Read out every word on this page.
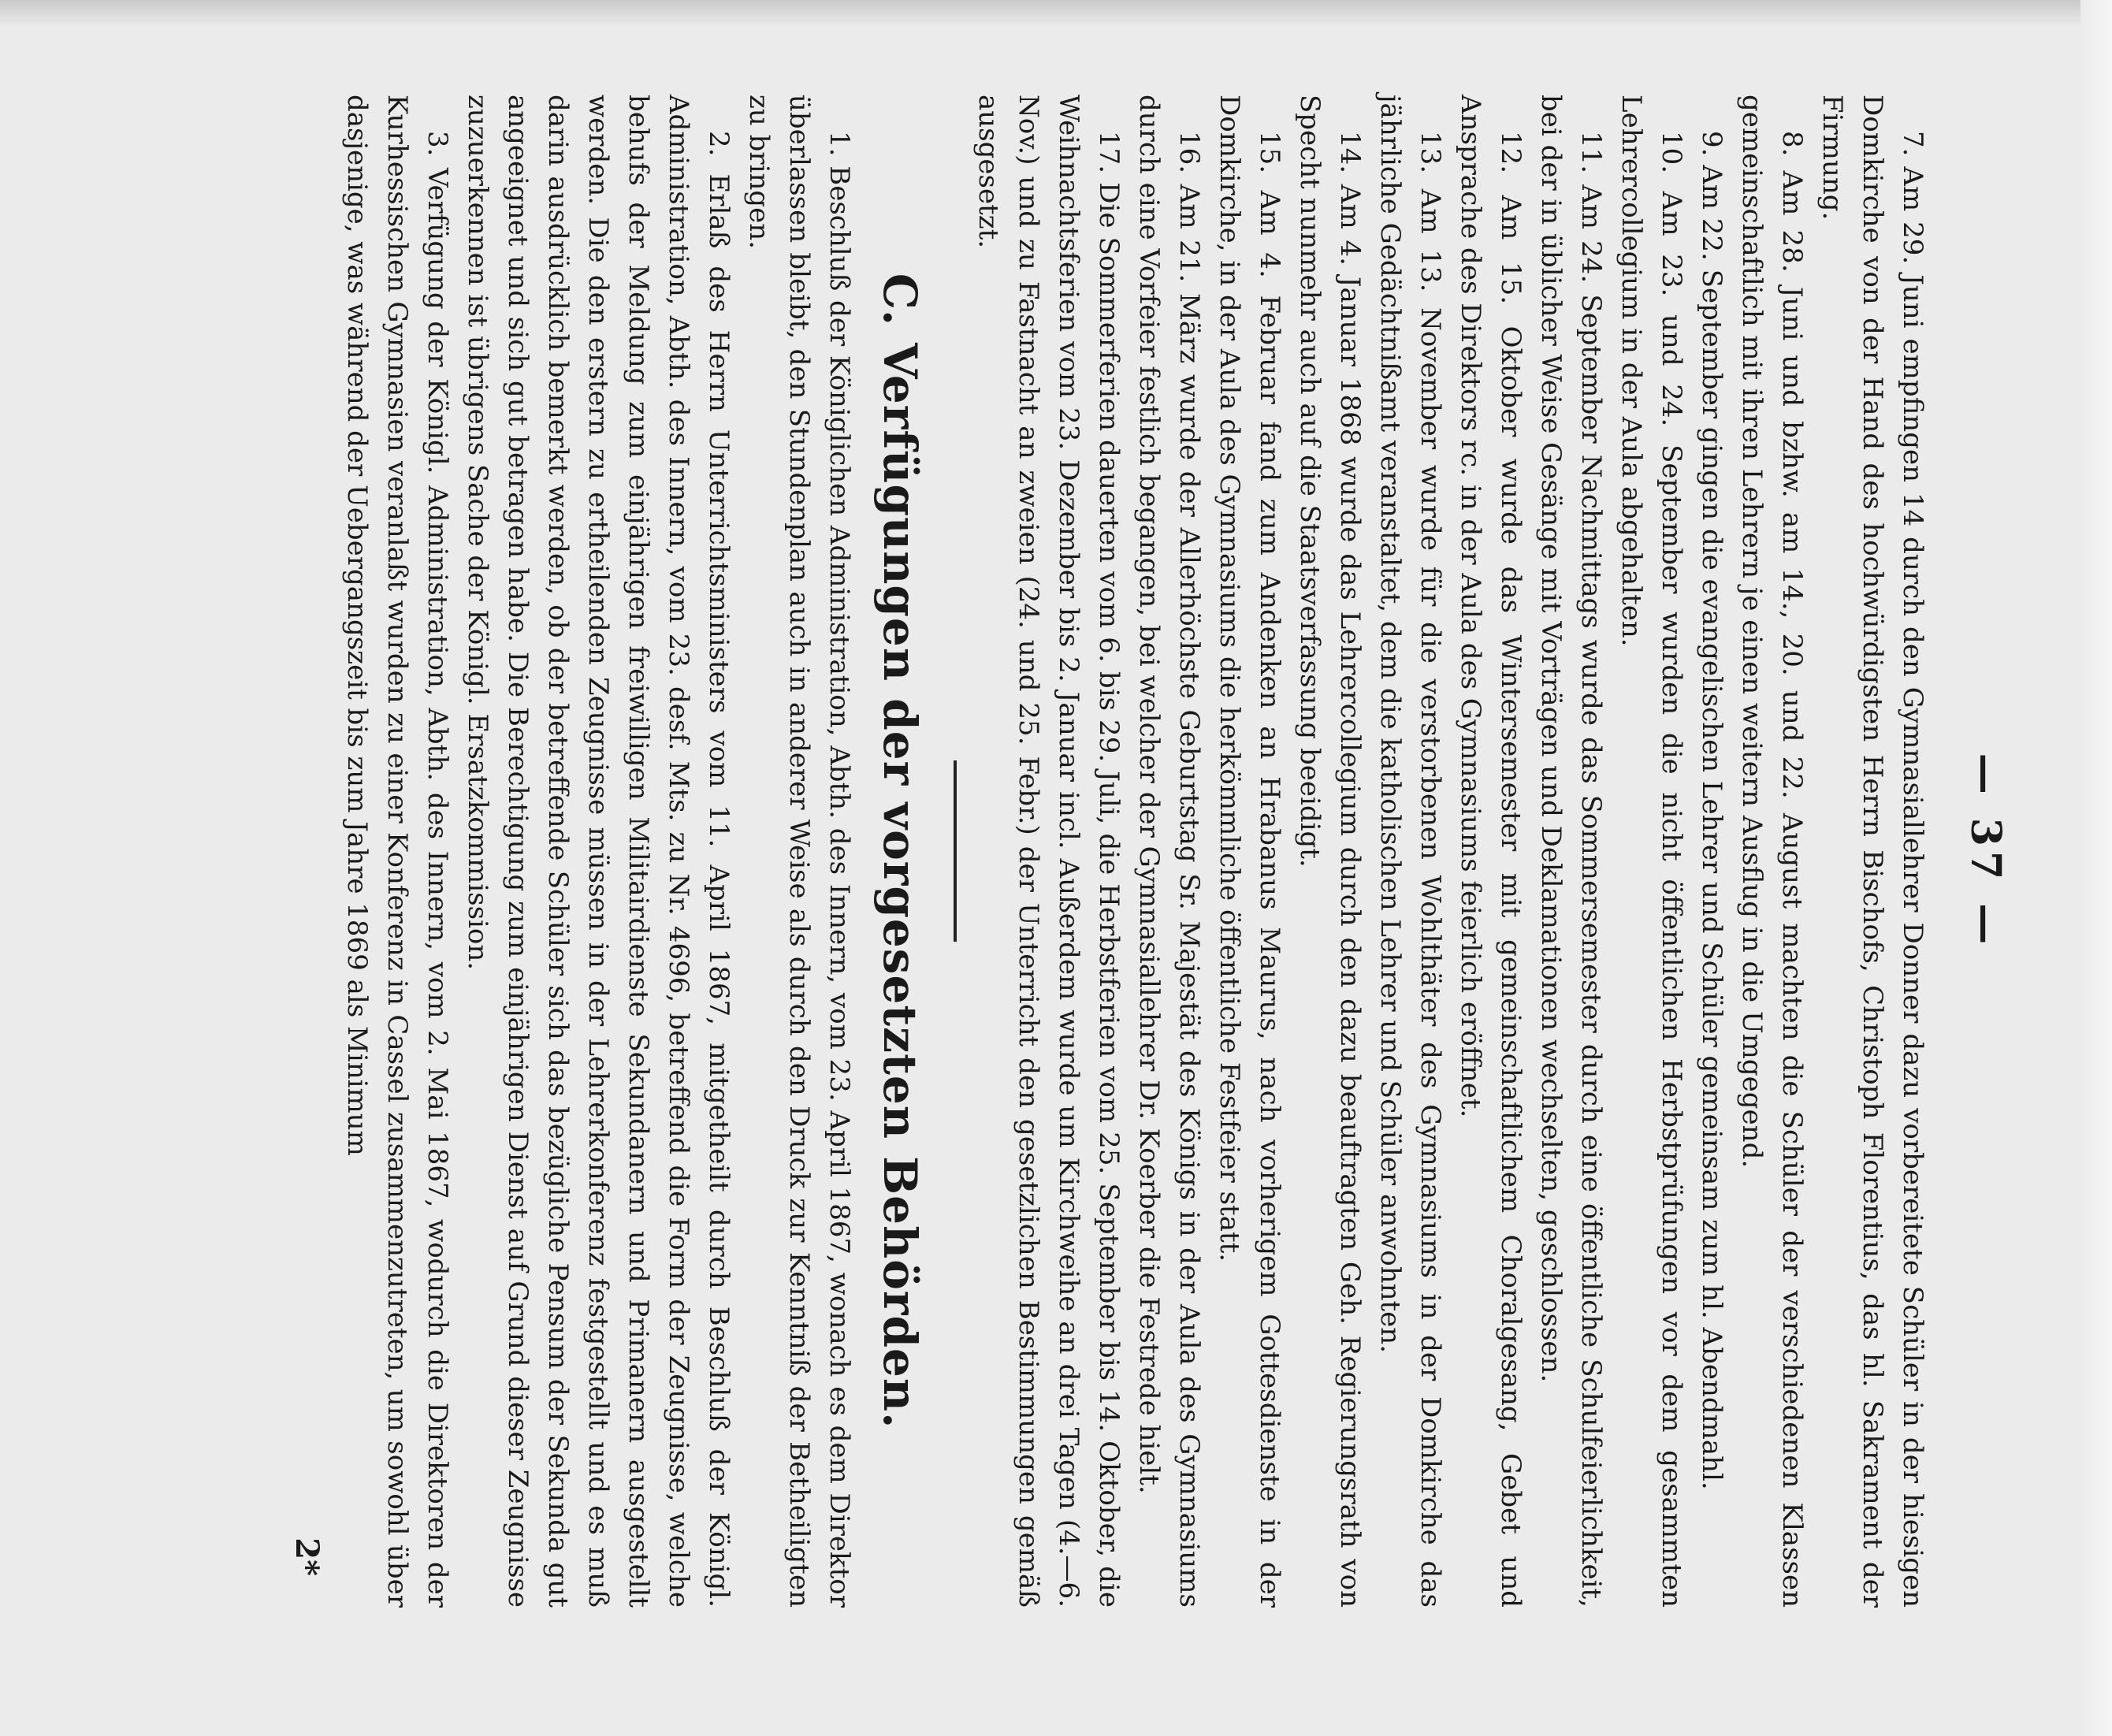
— 37 —

7. Am 29. Juni empfingen 14 durch den Gymnasiallehrer Donner dazu vorbereitete Schüler in der hiesigen Domkirche von der Hand des hochwürdigsten Herrn Bischofs, Christoph Florentius, das hl. Sakrament der Firmung.

8. Am 28. Juni und bzhw. am 14., 20. und 22. August machten die Schüler der verschiedenen Klassen gemeinschaftlich mit ihren Lehrern je einen weitern Ausflug in die Umgegend.

9. Am 22. September gingen die evangelischen Lehrer und Schüler gemeinsam zum hl. Abendmahl.

10. Am 23. und 24. September wurden die nicht öffentlichen Herbstprüfungen vor dem gesammten Lehrercollegium in der Aula abgehalten.

11. Am 24. September Nachmittags wurde das Sommersemester durch eine öffentliche Schulfeierlichkeit, bei der in üblicher Weise Gesänge mit Vorträgen und Deklamationen wechselten, geschlossen.

12. Am 15. Oktober wurde das Wintersemester mit gemeinschaftlichem Choralgesang, Gebet und Ansprache des Direktors rc. in der Aula des Gymnasiums feierlich eröffnet.

13. Am 13. November wurde für die verstorbenen Wohlthäter des Gymnasiums in der Domkirche das jährliche Gedächtnißamt veranstaltet, dem die katholischen Lehrer und Schüler anwohnten.

14. Am 4. Januar 1868 wurde das Lehrercollegium durch den dazu beauftragten Geh. Regierungsrath von Specht nunmehr auch auf die Staatsverfassung beeidigt.

15. Am 4. Februar fand zum Andenken an Hrabanus Maurus, nach vorherigem Gottesdienste in der Domkirche, in der Aula des Gymnasiums die herkömmliche öffentliche Festfeier statt.

16. Am 21. März wurde der Allerhöchste Geburtstag Sr. Majestät des Königs in der Aula des Gymnasiums durch eine Vorfeier festlich begangen, bei welcher der Gymnasiallehrer Dr. Koerber die Festrede hielt.

17. Die Sommerferien dauerten vom 6. bis 29. Juli, die Herbstferien vom 25. September bis 14. Oktober, die Weihnachtsferien vom 23. Dezember bis 2. Januar incl. Außerdem wurde um Kirchweihe an drei Tagen (4.—6. Nov.) und zu Fastnacht an zweien (24. und 25. Febr.) der Unterricht den gesetzlichen Bestimmungen gemäß ausgesetzt.

C. Verfügungen der vorgesetzten Behörden.

1. Beschluß der Königlichen Administration, Abth. des Innern, vom 23. April 1867, wonach es dem Direktor überlassen bleibt, den Stundenplan auch in anderer Weise als durch den Druck zur Kenntniß der Betheiligten zu bringen.

2. Erlaß des Herrn Unterrichtsministers vom 11. April 1867, mitgetheilt durch Beschluß der Königl. Administration, Abth. des Innern, vom 23. desf. Mts. zu Nr. 4696, betreffend die Form der Zeugnisse, welche behufs der Meldung zum einjährigen freiwilligen Militairdienste Sekundanern und Primanern ausgestellt werden. Die den erstern zu ertheilenden Zeugnisse müssen in der Lehrerkonferenz festgestellt und es muß darin ausdrücklich bemerkt werden, ob der betreffende Schüler sich das bezügliche Pensum der Sekunda gut angeeignet und sich gut betragen habe. Die Berechtigung zum einjährigen Dienst auf Grund dieser Zeugnisse zuzuerkennen ist übrigens Sache der Königl. Ersatzkommission.

3. Verfügung der Königl. Administration, Abth. des Innern, vom 2. Mai 1867, wodurch die Direktoren der Kurhessischen Gymnasien veranlaßt wurden zu einer Konferenz in Cassel zusammenzutreten, um sowohl über dasjenige, was während der Uebergangszeit bis zum Jahre 1869 als Minimum

2*
